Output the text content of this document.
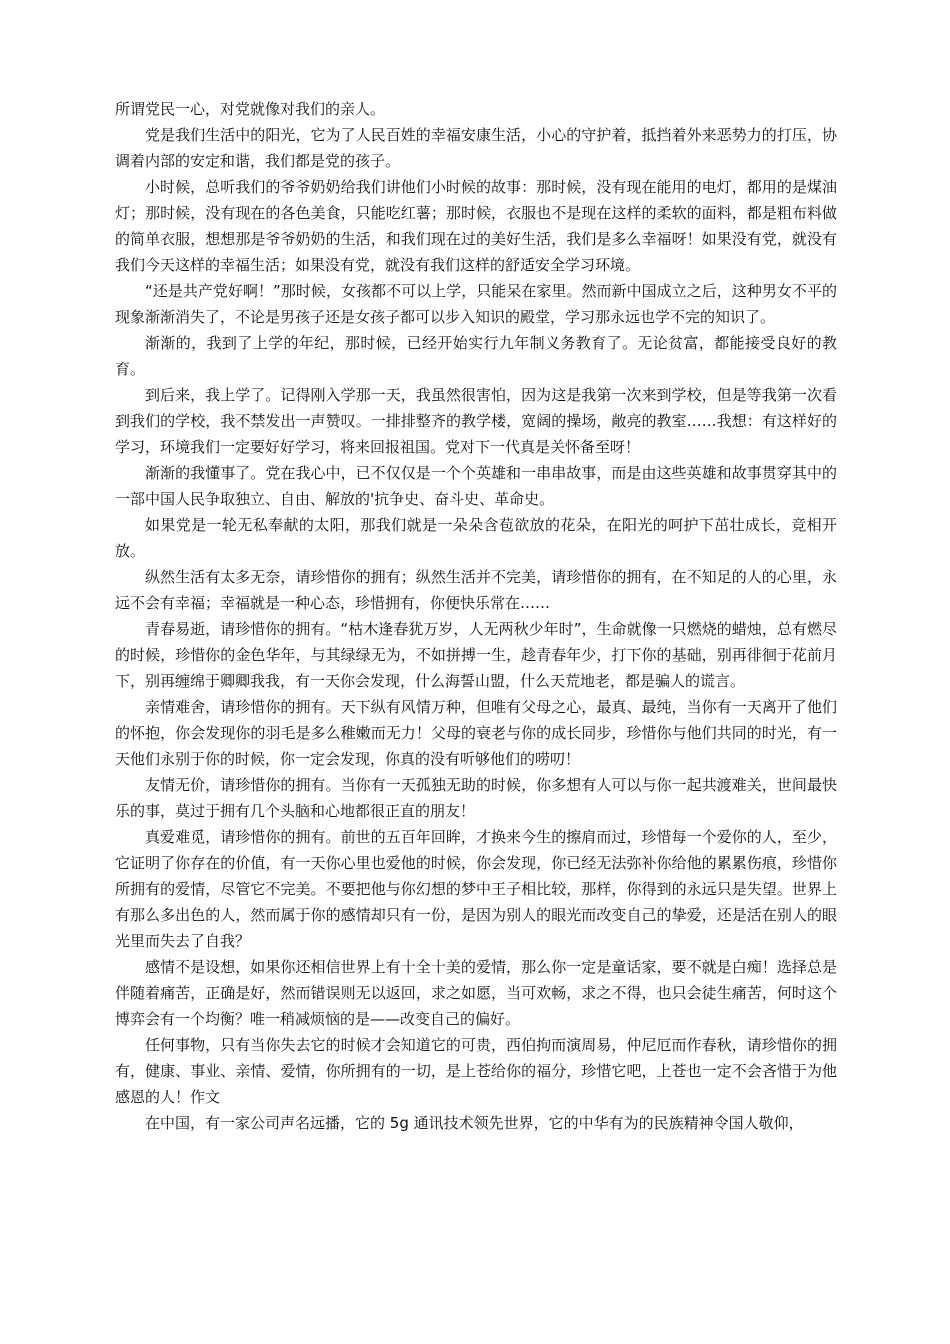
所谓党民一心，对党就像对我们的亲人。

党是我们生活中的阳光，它为了人民百姓的幸福安康生活，小心的守护着，抵挡着外来恶势力的打压，协调着内部的安定和谐，我们都是党的孩子。

小时候，总听我们的爷爷奶奶给我们讲他们小时候的故事：那时候，没有现在能用的电灯，都用的是煤油灯；那时候，没有现在的各色美食，只能吃红薯；那时候，衣服也不是现在这样的柔软的面料，都是粗布料做的简单衣服，想想那是爷爷奶奶的生活，和我们现在过的美好生活，我们是多么幸福呀！如果没有党，就没有我们今天这样的幸福生活；如果没有党，就没有我们这样的舒适安全学习环境。

“还是共产党好啊！”那时候，女孩都不可以上学，只能呆在家里。然而新中国成立之后，这种男女不平的现象渐渐消失了，不论是男孩子还是女孩子都可以步入知识的殿堂，学习那永远也学不完的知识了。

渐渐的，我到了上学的年纪，那时候，已经开始实行九年制义务教育了。无论贫富，都能接受良好的教育。

到后来，我上学了。记得刚入学那一天，我虽然很害怕，因为这是我第一次来到学校，但是等我第一次看到我们的学校，我不禁发出一声赞叹。一排排整齐的教学楼，宽阔的操场，敞亮的教室……我想：有这样好的学习，环境我们一定要好好学习，将来回报祖国。党对下一代真是关怀备至呀！

渐渐的我懂事了。党在我心中，已不仅仅是一个个英雄和一串串故事，而是由这些英雄和故事贯穿其中的一部中国人民争取独立、自由、解放的'抗争史、奋斗史、革命史。

如果党是一轮无私奉献的太阳，那我们就是一朵朵含苞欲放的花朵，在阳光的呵护下茁壮成长，竞相开放。

纵然生活有太多无奈，请珍惜你的拥有；纵然生活并不完美，请珍惜你的拥有，在不知足的人的心里，永远不会有幸福；幸福就是一种心态，珍惜拥有，你便快乐常在……

青春易逝，请珍惜你的拥有。“枯木逢春犹万岁，人无两秋少年时”，生命就像一只燃烧的蜡烛，总有燃尽的时候，珍惜你的金色华年，与其绿绿无为，不如拼搏一生，趁青春年少，打下你的基础，别再徘徊于花前月下，别再缠绵于卿卿我我，有一天你会发现，什么海誓山盟，什么天荒地老，都是骗人的谎言。

亲情难舍，请珍惜你的拥有。天下纵有风情万种，但唯有父母之心，最真、最纯，当你有一天离开了他们的怀抱，你会发现你的羽毛是多么稚嫩而无力！父母的衰老与你的成长同步，珍惜你与他们共同的时光，有一天他们永别于你的时候，你一定会发现，你真的没有听够他们的唠叨！

友情无价，请珍惜你的拥有。当你有一天孤独无助的时候，你多想有人可以与你一起共渡难关，世间最快乐的事，莫过于拥有几个头脑和心地都很正直的朋友！

真爱难觅，请珍惜你的拥有。前世的五百年回眸，才换来今生的擦肩而过，珍惜每一个爱你的人，至少，它证明了你存在的价值，有一天你心里也爱他的时候，你会发现，你已经无法弥补你给他的累累伤痕，珍惜你所拥有的爱情，尽管它不完美。不要把他与你幻想的梦中王子相比较，那样，你得到的永远只是失望。世界上有那么多出色的人，然而属于你的感情却只有一份，是因为别人的眼光而改变自己的挚爱，还是活在别人的眼光里而失去了自我？

感情不是设想，如果你还相信世界上有十全十美的爱情，那么你一定是童话家，要不就是白痴！选择总是伴随着痛苦，正确是好，然而错误则无以返回，求之如愿，当可欢畅，求之不得，也只会徒生痛苦，何时这个博弈会有一个均衡？唯一稍减烦恼的是——改变自己的偏好。

任何事物，只有当你失去它的时候才会知道它的可贵，西伯拘而演周易，仲尼厄而作春秋，请珍惜你的拥有，健康、事业、亲情、爱情，你所拥有的一切，是上苍给你的福分，珍惜它吧，上苍也一定不会吝惜于为他感恩的人！作文

在中国，有一家公司声名远播，它的 5g 通讯技术领先世界，它的中华有为的民族精神令国人敬仰，
